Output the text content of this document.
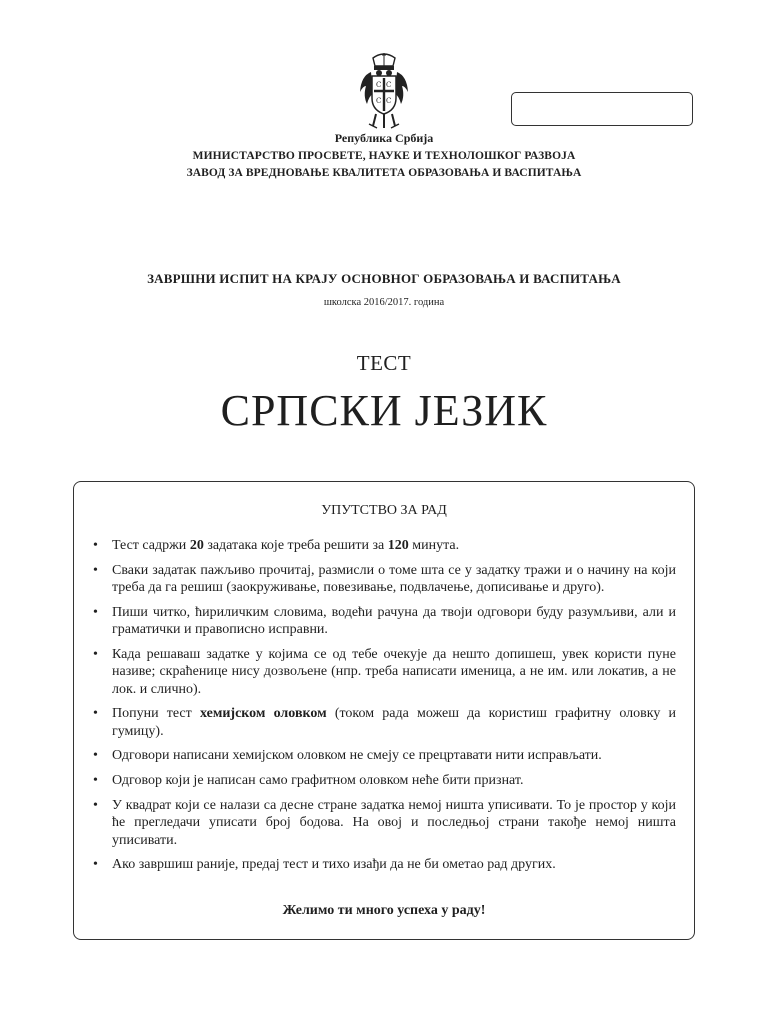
С С
С С
Република Србија
МИНИСТАРСТВО ПРОСВЕТЕ, НАУКЕ И ТЕХНОЛОШКОГ РАЗВОЈА
ЗАВОД ЗА ВРЕДНОВАЊЕ КВАЛИТЕТА ОБРАЗОВАЊА И ВАСПИТАЊА
ЗАВРШНИ ИСПИТ НА КРАЈУ ОСНОВНОГ ОБРАЗОВАЊА И ВАСПИТАЊА
школска 2016/2017. година
ТЕСТ
СРПСКИ ЈЕЗИК
УПУТСТВО ЗА РАД
• Тест садржи 20 задатака које треба решити за 120 минута.
• Сваки задатак пажљиво прочитај, размисли о томе шта се у задатку тражи и о начину на који треба да га решиш (заокруживање, повезивање, подвлачење, дописивање и друго).
• Пиши читко, ћириличким словима, водећи рачуна да твоји одговори буду разумљиви, али и граматички и правописно исправни.
• Када решаваш задатке у којима се од тебе очекује да нешто допишеш, увек користи пуне називе; скраћенице нису дозвољене (нпр. треба написати именица, а не им. или локатив, а не лок. и слично).
• Попуни тест хемијском оловком (током рада можеш да користиш графитну оловку и гумицу).
• Одговори написани хемијском оловком не смеју се прецртавати нити исправљати.
• Одговор који је написан само графитном оловком неће бити признат.
• У квадрат који се налази са десне стране задатка немој ништа уписивати. То је простор у који ће прегледачи уписати број бодова. На овој и последњој страни такође немој ништа уписивати.
• Ако завршиш раније, предај тест и тихо изађи да не би ометао рад других.
Желимо ти много успеха у раду!
